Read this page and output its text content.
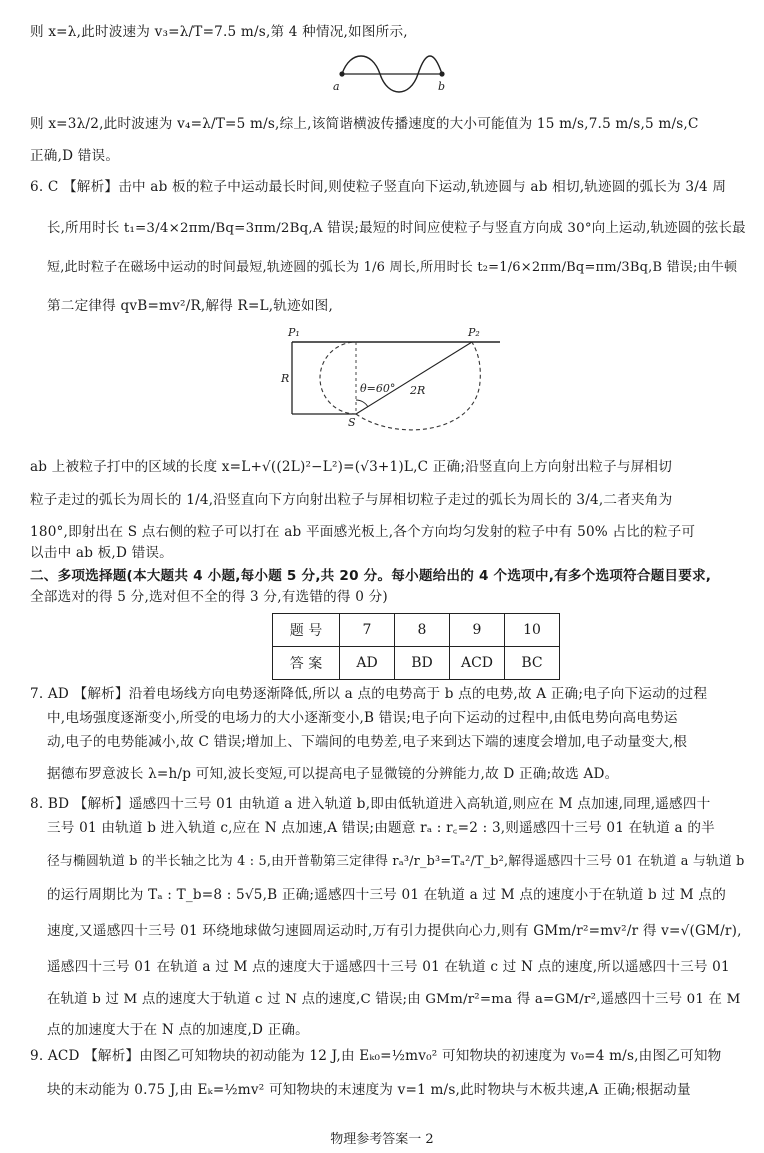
则 x=λ,此时波速为 v₃=λ/T=7.5 m/s,第 4 种情况,如图所示,
a	b
则 x=3λ/2,此时波速为 v₄=λ/T=5 m/s,综上,该简谐横波传播速度的大小可能值为 15 m/s,7.5 m/s,5 m/s,C
正确,D 错误。
6. C 【解析】击中 ab 板的粒子中运动最长时间,则使粒子竖直向下运动,轨迹圆与 ab 相切,轨迹圆的弧长为 3/4 周
长,所用时长 t₁=3/4×2πm/Bq=3πm/2Bq,A 错误;最短的时间应使粒子与竖直方向成 30°向上运动,轨迹圆的弦长最
短,此时粒子在磁场中运动的时间最短,轨迹圆的弧长为 1/6 周长,所用时长 t₂=1/6×2πm/Bq=πm/3Bq,B 错误;由牛顿
第二定律得 qvB=mv²/R,解得 R=L,轨迹如图,
P₁	P₂
R
S
θ=60° 2R
ab 上被粒子打中的区域的长度 x=L+√((2L)²−L²)=(√3+1)L,C 正确;沿竖直向上方向射出粒子与屏相切
粒子走过的弧长为周长的 1/4,沿竖直向下方向射出粒子与屏相切粒子走过的弧长为周长的 3/4,二者夹角为
180°,即射出在 S 点右侧的粒子可以打在 ab 平面感光板上,各个方向均匀发射的粒子中有 50% 占比的粒子可
以击中 ab 板,D 错误。
二、多项选择题(本大题共 4 小题,每小题 5 分,共 20 分。每小题给出的 4 个选项中,有多个选项符合题目要求,
全部选对的得 5 分,选对但不全的得 3 分,有选错的得 0 分)
题 号	7	8	9	10
答 案	AD	BD	ACD	BC
7. AD 【解析】沿着电场线方向电势逐渐降低,所以 a 点的电势高于 b 点的电势,故 A 正确;电子向下运动的过程
中,电场强度逐渐变小,所受的电场力的大小逐渐变小,B 错误;电子向下运动的过程中,由低电势向高电势运
动,电子的电势能减小,故 C 错误;增加上、下端间的电势差,电子来到达下端的速度会增加,电子动量变大,根
据德布罗意波长 λ=h/p 可知,波长变短,可以提高电子显微镜的分辨能力,故 D 正确;故选 AD。
8. BD 【解析】遥感四十三号 01 由轨道 a 进入轨道 b,即由低轨道进入高轨道,则应在 M 点加速,同理,遥感四十
三号 01 由轨道 b 进入轨道 c,应在 N 点加速,A 错误;由题意 rₐ : r꜀=2 : 3,则遥感四十三号 01 在轨道 a 的半
径与椭圆轨道 b 的半长轴之比为 4 : 5,由开普勒第三定律得 rₐ³/r_b³=Tₐ²/T_b²,解得遥感四十三号 01 在轨道 a 与轨道 b
的运行周期比为 Tₐ : T_b=8 : 5√5,B 正确;遥感四十三号 01 在轨道 a 过 M 点的速度小于在轨道 b 过 M 点的
速度,又遥感四十三号 01 环绕地球做匀速圆周运动时,万有引力提供向心力,则有 GMm/r²=mv²/r 得 v=√(GM/r),
遥感四十三号 01 在轨道 a 过 M 点的速度大于遥感四十三号 01 在轨道 c 过 N 点的速度,所以遥感四十三号 01
在轨道 b 过 M 点的速度大于轨道 c 过 N 点的速度,C 错误;由 GMm/r²=ma 得 a=GM/r²,遥感四十三号 01 在 M
点的加速度大于在 N 点的加速度,D 正确。
9. ACD 【解析】由图乙可知物块的初动能为 12 J,由 Eₖ₀=½mv₀² 可知物块的初速度为 v₀=4 m/s,由图乙可知物
块的末动能为 0.75 J,由 Eₖ=½mv² 可知物块的末速度为 v=1 m/s,此时物块与木板共速,A 正确;根据动量
物理参考答案一 2
